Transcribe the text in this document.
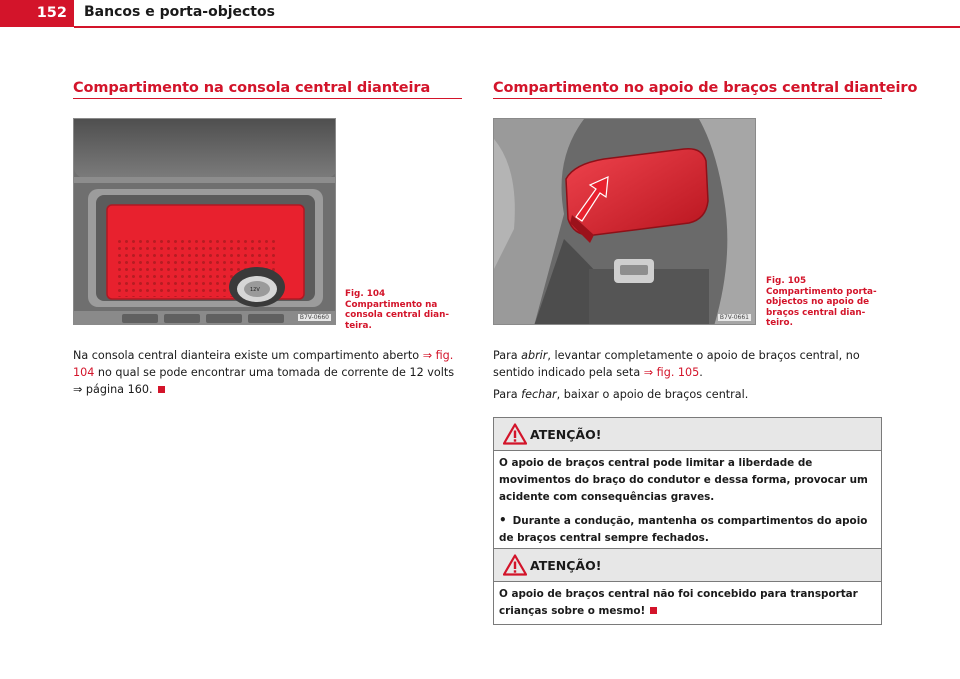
152	Bancos e porta-objectos
Compartimento na consola central dianteira
12V
B7V-0660
Fig. 104 Compartimento na consola central dian-teira.
Na consola central dianteira existe um compartimento aberto ⇒ fig. 104 no qual se pode encontrar uma tomada de corrente de 12 volts ⇒ página 160.
Compartimento no apoio de braços central dianteiro
B7V-0661
Fig. 105 Compartimento porta-objectos no apoio de braços central dian-teiro.
Para abrir, levantar completamente o apoio de braços central, no sentido indicado pela seta ⇒ fig. 105.
Para fechar, baixar o apoio de braços central.
ATENÇÃO!

O apoio de braços central pode limitar a liberdade de movimentos do braço do condutor e dessa forma, provocar um acidente com consequências graves.

• Durante a condução, mantenha os compartimentos do apoio de braços central sempre fechados.

ATENÇÃO!

O apoio de braços central não foi concebido para transportar crianças sobre o mesmo!
